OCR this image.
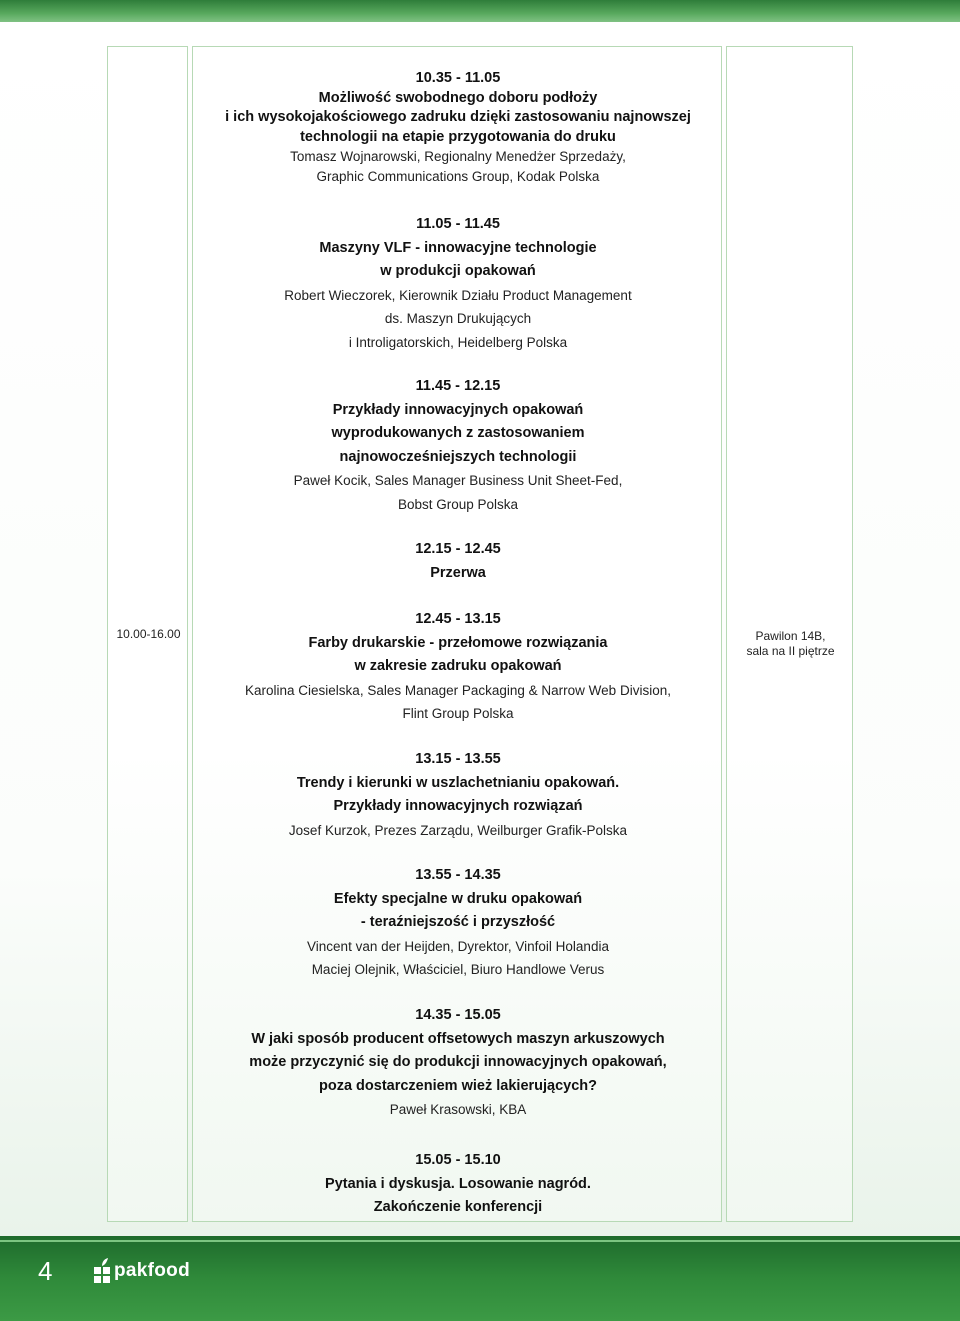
10.00-16.00
10.35 - 11.05
Możliwość swobodnego doboru podłoży
i ich wysokojakościowego zadruku dzięki zastosowaniu najnowszej
technologii na etapie przygotowania do druku
Tomasz Wojnarowski, Regionalny Menedżer Sprzedaży,
Graphic Communications Group, Kodak Polska
11.05 - 11.45
Maszyny VLF - innowacyjne technologie
w produkcji opakowań
Robert Wieczorek, Kierownik Działu Product Management
ds. Maszyn Drukujących
i Introligatorskich, Heidelberg Polska
11.45 - 12.15
Przykłady innowacyjnych opakowań
wyprodukowanych z zastosowaniem
najnowocześniejszych technologii
Paweł Kocik, Sales Manager Business Unit Sheet-Fed,
Bobst Group Polska
12.15 - 12.45
Przerwa
12.45 - 13.15
Farby drukarskie - przełomowe rozwiązania
w zakresie zadruku opakowań
Karolina Ciesielska, Sales Manager Packaging & Narrow Web Division,
Flint Group Polska
13.15 - 13.55
Trendy i kierunki w uszlachetnianiu opakowań.
Przykłady innowacyjnych rozwiązań
Josef Kurzok, Prezes Zarządu, Weilburger Grafik-Polska
13.55 - 14.35
Efekty specjalne w druku opakowań
- teraźniejszość i przyszłość
Vincent van der Heijden, Dyrektor, Vinfoil Holandia
Maciej Olejnik, Właściciel, Biuro Handlowe Verus
14.35 - 15.05
W jaki sposób producent offsetowych maszyn arkuszowych
może przyczynić się do produkcji innowacyjnych opakowań,
poza dostarczeniem wież lakierujących?
Paweł Krasowski, KBA
15.05 - 15.10
Pytania i dyskusja. Losowanie nagród.
Zakończenie konferencji
Pawilon 14B,
sala na II piętrze
4	pakfood
